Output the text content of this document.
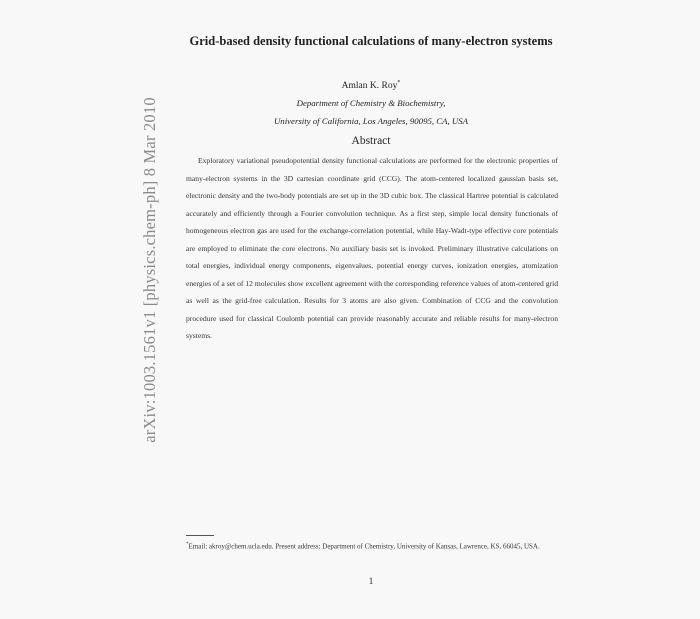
arXiv:1003.1561v1 [physics.chem-ph] 8 Mar 2010
Grid-based density functional calculations of many-electron systems
Amlan K. Roy*
Department of Chemistry & Biochemistry,
University of California, Los Angeles, 90095, CA, USA
Abstract
Exploratory variational pseudopotential density functional calculations are performed for the electronic properties of many-electron systems in the 3D cartesian coordinate grid (CCG). The atom-centered localized gaussian basis set, electronic density and the two-body potentials are set up in the 3D cubic box. The classical Hartree potential is calculated accurately and efficiently through a Fourier convolution technique. As a first step, simple local density functionals of homogeneous electron gas are used for the exchange-correlation potential, while Hay-Wadt-type effective core potentials are employed to eliminate the core electrons. No auxiliary basis set is invoked. Preliminary illustrative calculations on total energies, individual energy components, eigenvalues, potential energy curves, ionization energies, atomization energies of a set of 12 molecules show excellent agreement with the corresponding reference values of atom-centered grid as well as the grid-free calculation. Results for 3 atoms are also given. Combination of CCG and the convolution procedure used for classical Coulomb potential can provide reasonably accurate and reliable results for many-electron systems.
*Email: akroy@chem.ucla.edu. Present address: Department of Chemistry, University of Kansas, Lawrence, KS, 66045, USA.
1
